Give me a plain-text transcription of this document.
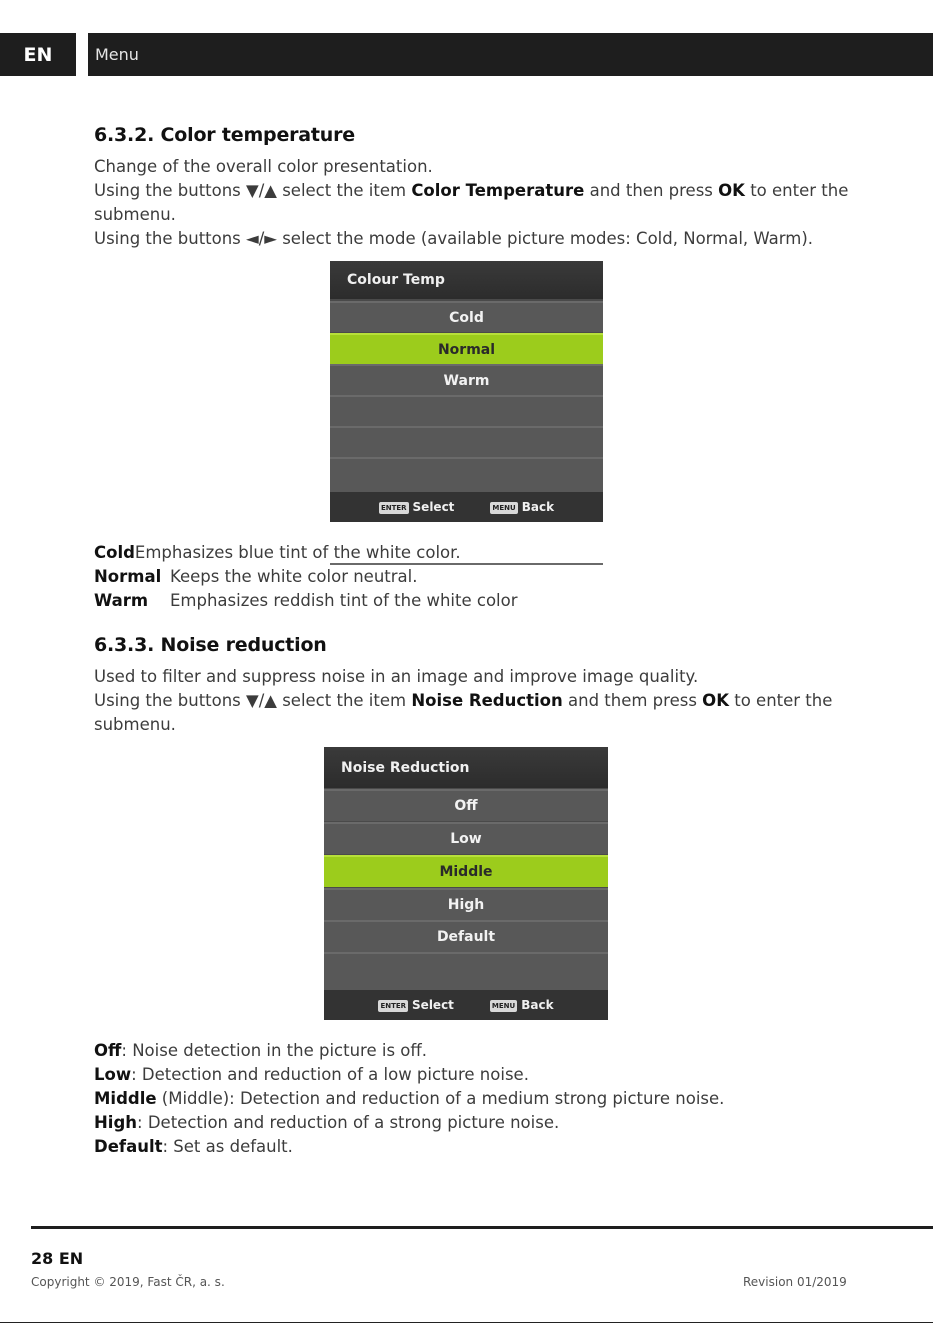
EN	Menu
6.3.2. Color temperature
Change of the overall color presentation.
Using the buttons ▼/▲ select the item Color Temperature and then press OK to enter the
submenu.
Using the buttons ◄/► select the mode (available picture modes: Cold, Normal, Warm).
Colour Temp
Cold
Normal
Warm
ENTER Select	MENU Back
ColdEmphasizes blue tint of the white color.
Normal Keeps the white color neutral.
Warm Emphasizes reddish tint of the white color
6.3.3. Noise reduction
Used to filter and suppress noise in an image and improve image quality.
Using the buttons ▼/▲ select the item Noise Reduction and them press OK to enter the
submenu.
Noise Reduction
Off
Low
Middle
High
Default
ENTER Select	MENU Back
Off: Noise detection in the picture is off.
Low: Detection and reduction of a low picture noise.
Middle (Middle): Detection and reduction of a medium strong picture noise.
High: Detection and reduction of a strong picture noise.
Default: Set as default.
28 EN
Copyright © 2019, Fast ČR, a. s.	Revision 01/2019
